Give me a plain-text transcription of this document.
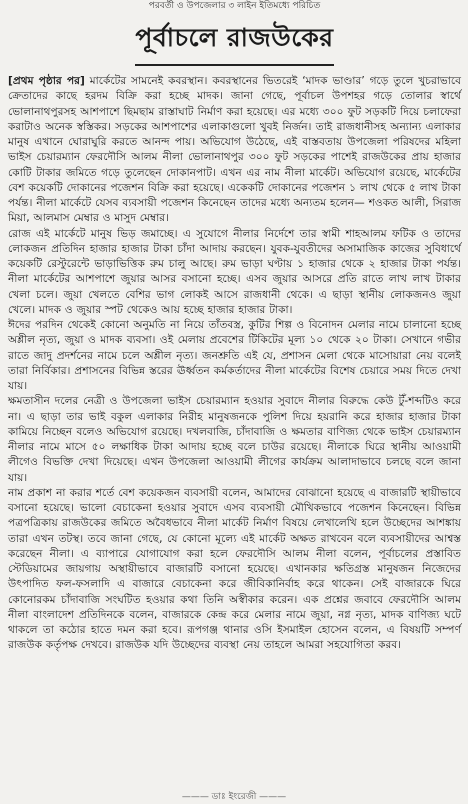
পরবর্তী ও উপজেলার ৩ লাইন ইতিমধ্যে পরিচিত
পূর্বাচলে রাজউকের

[প্রথম পৃষ্ঠার পর] মার্কেটের সামনেই কবরস্থান। কবরস্থানের ভিতরেই ‘মাদক ভাণ্ডার’ গড়ে তুলে খুচরাভাবে ক্রেতাদের কাছে হরদম বিক্রি করা হচ্ছে মাদক। জানা গেছে, পূর্বাচল উপশহর গড়ে তোলার স্বার্থে ভোলানাথপুরসহ আশপাশে ছিমছাম রাস্তাঘাট নির্মাণ করা হয়েছে। এর মধ্যে ৩০০ ফুট সড়কটি দিয়ে চলাফেরা করাটাও অনেক স্বস্তিকর। সড়কের আশপাশের এলাকাগুলো খুবই নির্জন। তাই রাজধানীসহ অন্যান্য এলাকার মানুষ এখানে ঘোরাঘুরি করতে আনন্দ পায়। অভিযোগ উঠেছে, এই বাস্তবতায় উপজেলা পরিষদের মহিলা ভাইস চেয়ারম্যান ফেরদৌসি আলম নীলা ভোলানাথপুর ৩০০ ফুট সড়কের পাশেই রাজউকের প্রায় হাজার কোটি টাকার জমিতে গড়ে তুলেছেন দোকানপাট। এখন এর নাম নীলা মার্কেট। অভিযোগ রয়েছে, মার্কেটের বেশ কয়েকটি দোকানের পজেশন বিক্রি করা হয়েছে। একেকটি দোকানের পজেশন ১ লাখ থেকে ৫ লাখ টাকা পর্যন্ত। নীলা মার্কেটে যেসব ব্যবসায়ী পজেশন কিনেছেন তাদের মধ্যে অন্যতম হলেন— শওকত আলী, সিরাজ মিয়া, আলমাস মেম্বার ও মাসুদ মেম্বার।

রোজ এই মার্কেটে মানুষ ভিড় জমাচ্ছে। এ সুযোগে নীলার নির্দেশে তার স্বামী শাহআলম ফটিক ও তাদের লোকজন প্রতিদিন হাজার হাজার টাকা চাঁদা আদায় করছেন। যুবক-যুবতীদের অসামাজিক কাজের সুবিধার্থে কয়েকটি রেস্টুরেন্টে ভাড়াভিত্তিক রুম চালু আছে। রুম ভাড়া ঘণ্টায় ১ হাজার থেকে ২ হাজার টাকা পর্যন্ত। নীলা মার্কেটের আশপাশে জুয়ার আসর বসানো হচ্ছে। এসব জুয়ার আসরে প্রতি রাতে লাখ লাখ টাকার খেলা চলে। জুয়া খেলতে বেশির ভাগ লোকই আসে রাজধানী থেকে। এ ছাড়া স্থানীয় লোকজনও জুয়া খেলে। মাদক ও জুয়ার স্পট থেকেও আয় হচ্ছে হাজার হাজার টাকা।

ঈদের পরদিন থেকেই কোনো অনুমতি না নিয়ে তাঁতবস্ত্র, কুটির শিল্প ও বিনোদন মেলার নামে চালানো হচ্ছে অশ্লীল নৃত্য, জুয়া ও মাদক ব্যবসা। ওই মেলায় প্রবেশের টিকিটের মূল্য ১০ থেকে ২০ টাকা। সেখানে গভীর রাতে জাদু প্রদর্শনের নামে চলে অশ্লীল নৃত্য। জনশ্রুতি এই যে, প্রশাসন মেলা থেকে মাসোয়ারা নেয় বলেই তারা নির্বিকার। প্রশাসনের বিভিন্ন স্তরের ঊর্ধ্বতন কর্মকর্তাদের নীলা মার্কেটের বিশেষ চেয়ারে সময় দিতে দেখা যায়।

ক্ষমতাসীন দলের নেত্রী ও উপজেলা ভাইস চেয়ারম্যান হওয়ার সুবাদে নীলার বিরুদ্ধে কেউ টুঁ-শব্দটিও করে না। এ ছাড়া তার ভাই বকুল এলাকার নিরীহ মানুষজনকে পুলিশ দিয়ে হয়রানি করে হাজার হাজার টাকা কামিয়ে নিচ্ছেন বলেও অভিযোগ রয়েছে। দখলবাজি, চাঁদাবাজি ও ক্ষমতার বাণিজ্য থেকে ভাইস চেয়ারম্যান নীলার নামে মাসে ৫০ লক্ষাধিক টাকা আদায় হচ্ছে বলে চাউর রয়েছে। নীলাকে ঘিরে স্থানীয় আওয়ামী লীগেও বিভক্তি দেখা দিয়েছে। এখন উপজেলা আওয়ামী লীগের কার্যক্রম আলাদাভাবে চলছে বলে জানা যায়।

নাম প্রকাশ না করার শর্তে বেশ কয়েকজন ব্যবসায়ী বলেন, আমাদের বোঝানো হয়েছে এ বাজারটি স্থায়ীভাবে বসানো হয়েছে। ভালো বেচাকেনা হওয়ার সুবাদে এসব ব্যবসায়ী মৌখিকভাবে পজেশন কিনেছেন। বিভিন্ন পত্রপত্রিকায় রাজউকের জমিতে অবৈধভাবে নীলা মার্কেট নির্মাণ বিষয়ে লেখালেখি হলে উচ্ছেদের আশঙ্কায় তারা এখন তটস্থ। তবে জানা গেছে, যে কোনো মূল্যে এই মার্কেট অক্ষত রাখবেন বলে ব্যবসায়ীদের আশ্বস্ত করেছেন নীলা। এ ব্যাপারে যোগাযোগ করা হলে ফেরদৌসি আলম নীলা বলেন, পূর্বাচলের প্রস্তাবিত স্টেডিয়ামের জায়গায় অস্থায়ীভাবে বাজারটি বসানো হয়েছে। এখানকার ক্ষতিগ্রস্ত মানুষজন নিজেদের উৎপাদিত ফল-ফসলাদি এ বাজারে বেচাকেনা করে জীবিকানির্বাহ করে থাকেন। সেই বাজারকে ঘিরে কোনোরকম চাঁদাবাজি সংঘটিত হওয়ার কথা তিনি অস্বীকার করেন। এক প্রশ্নের জবাবে ফেরদৌসি আলম নীলা বাংলাদেশ প্রতিদিনকে বলেন, বাজারকে কেন্দ্র করে মেলার নামে জুয়া, নগ্ন নৃত্য, মাদক বাণিজ্য ঘটে থাকলে তা কঠোর হাতে দমন করা হবে। রূপগঞ্জ থানার ওসি ইসমাইল হোসেন বলেন, এ বিষয়টি সম্পর্ণ রাজউক কর্তৃপক্ষ দেখবে। রাজউক যদি উচ্ছেদের ব্যবস্থা নেয় তাহলে আমরা সহযোগিতা করব।

——— ডাঃ ইংরেজী ———
